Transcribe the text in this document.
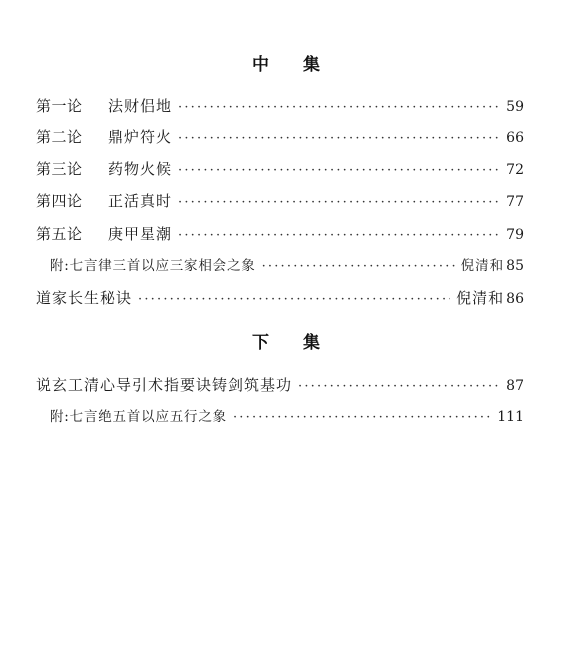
中 集
第一论	法财侣地 ·····	59
第二论	鼎炉符火 ·····	66
第三论	药物火候 ·····	72
第四论	正活真时 ·····	77
第五论	庚甲星潮 ·····	79
附:七言律三首以应三家相会之象 ·····	倪清和 85
道家长生秘诀 ·····	倪清和 86
下 集
说玄工清心导引术指要诀铸剑筑基功 ·····	87
附:七言绝五首以应五行之象 ·····	111
